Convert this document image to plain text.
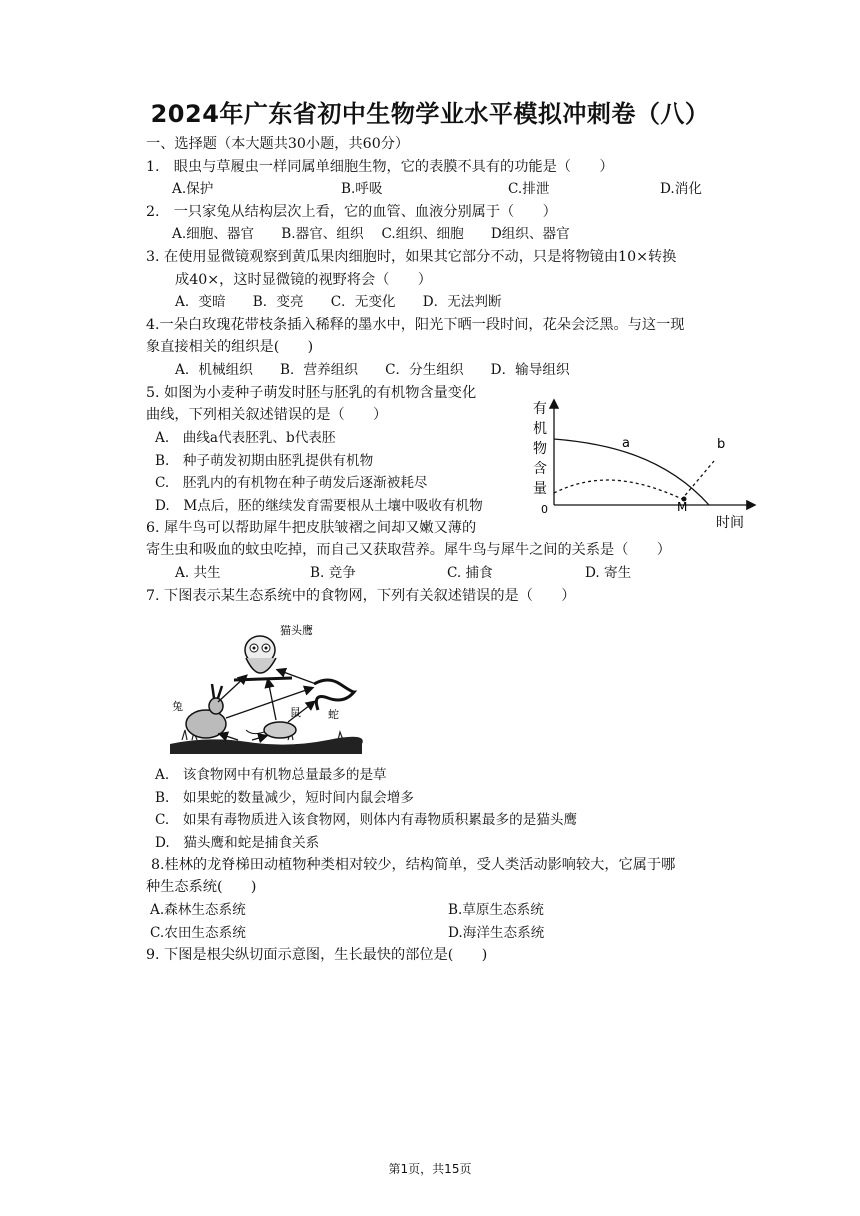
2024年广东省初中生物学业水平模拟冲刺卷（八）
一、选择题（本大题共30小题，共60分）
1.　眼虫与草履虫一样同属单细胞生物，它的表膜不具有的功能是（　　）
A.保护	B.呼吸	C.排泄	D.消化
2.　一只家兔从结构层次上看，它的血管、血液分别属于（　　）
A.细胞、器官　　B.器官、组织　 C.组织、细胞　　D组织、器官
3. 在使用显微镜观察到黄瓜果肉细胞时，如果其它部分不动，只是将物镜由10×转换
成40×，这时显微镜的视野将会（　　）
A．变暗　　B．变亮　　C．无变化　　D．无法判断
4.一朵白玫瑰花带枝条插入稀释的墨水中，阳光下晒一段时间，花朵会泛黑。与这一现
象直接相关的组织是(　　)
A．机械组织　　B．营养组织　　C．分生组织　　D．输导组织
5. 如图为小麦种子萌发时胚与胚乳的有机物含量变化
曲线，下列相关叙述错误的是（　　）
A.　曲线a代表胚乳、b代表胚
B.　种子萌发初期由胚乳提供有机物
C.　胚乳内的有机物在种子萌发后逐渐被耗尽
D.　M点后，胚的继续发育需要根从土壤中吸收有机物
有
机
物
含
量
0
时间
a	b
M
6. 犀牛鸟可以帮助犀牛把皮肤皱褶之间却又嫩又薄的
寄生虫和吸血的蚊虫吃掉，而自己又获取营养。犀牛鸟与犀牛之间的关系是（　　）
A. 共生	B. 竞争	C. 捕食	D. 寄生
7. 下图表示某生态系统中的食物网，下列有关叙述错误的是（　　）
猫头鹰
兔	鼠 蛇
A.　该食物网中有机物总量最多的是草
B.　如果蛇的数量减少，短时间内鼠会增多
C.　如果有毒物质进入该食物网，则体内有毒物质积累最多的是猫头鹰
D.　猫头鹰和蛇是捕食关系
8.桂林的龙脊梯田动植物种类相对较少，结构简单，受人类活动影响较大，它属于哪
种生态系统(　　)
A.森林生态系统	B.草原生态系统
C.农田生态系统	D.海洋生态系统
9. 下图是根尖纵切面示意图，生长最快的部位是(　　)
第1页，共15页
